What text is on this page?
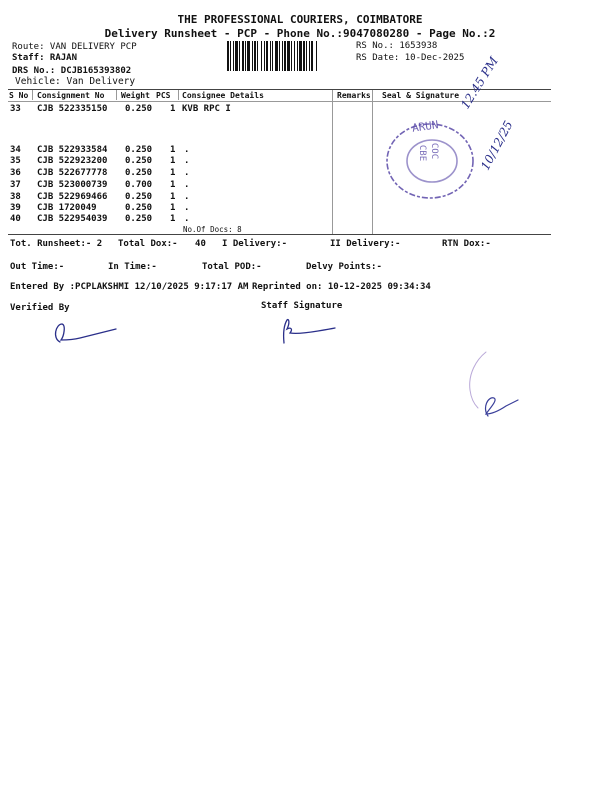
THE PROFESSIONAL COURIERS, COIMBATORE
Delivery Runsheet - PCP - Phone No.:9047080280 - Page No.:2
Route: VAN DELIVERY PCP
Staff: RAJAN
DRS No.: DCJB165393802
Vehicle: Van Delivery
RS No.: 1653938
RS Date: 10-Dec-2025
S No Consignment No Weight PCS Consignee Details	Remarks Seal & Signature
33 CJB 522335150 0.250 1 KVB RPC I
34 CJB 522933584 0.250 1 .
35 CJB 522923200 0.250 1 .
36 CJB 522677778 0.250 1 .
37 CJB 523000739 0.700 1 .
38 CJB 522969466 0.250 1 .
39 CJB 1720049	0.250 1 .
40 CJB 522954039 0.250 1 .
No.Of Docs: 8
Tot. Runsheet:- 2 Total Dox:- 40 I Delivery:-	II Delivery:-	RTN Dox:-
Out Time:-	In Time:-	Total POD:-	Delvy Points:-
Entered By :PCPLAKSHMI 12/10/2025 9:17:17 AM Reprinted on: 10-12-2025 09:34:34
Verified By	Staff Signature
ARUN
COC
CBE
12.45 PM
10/12/25
